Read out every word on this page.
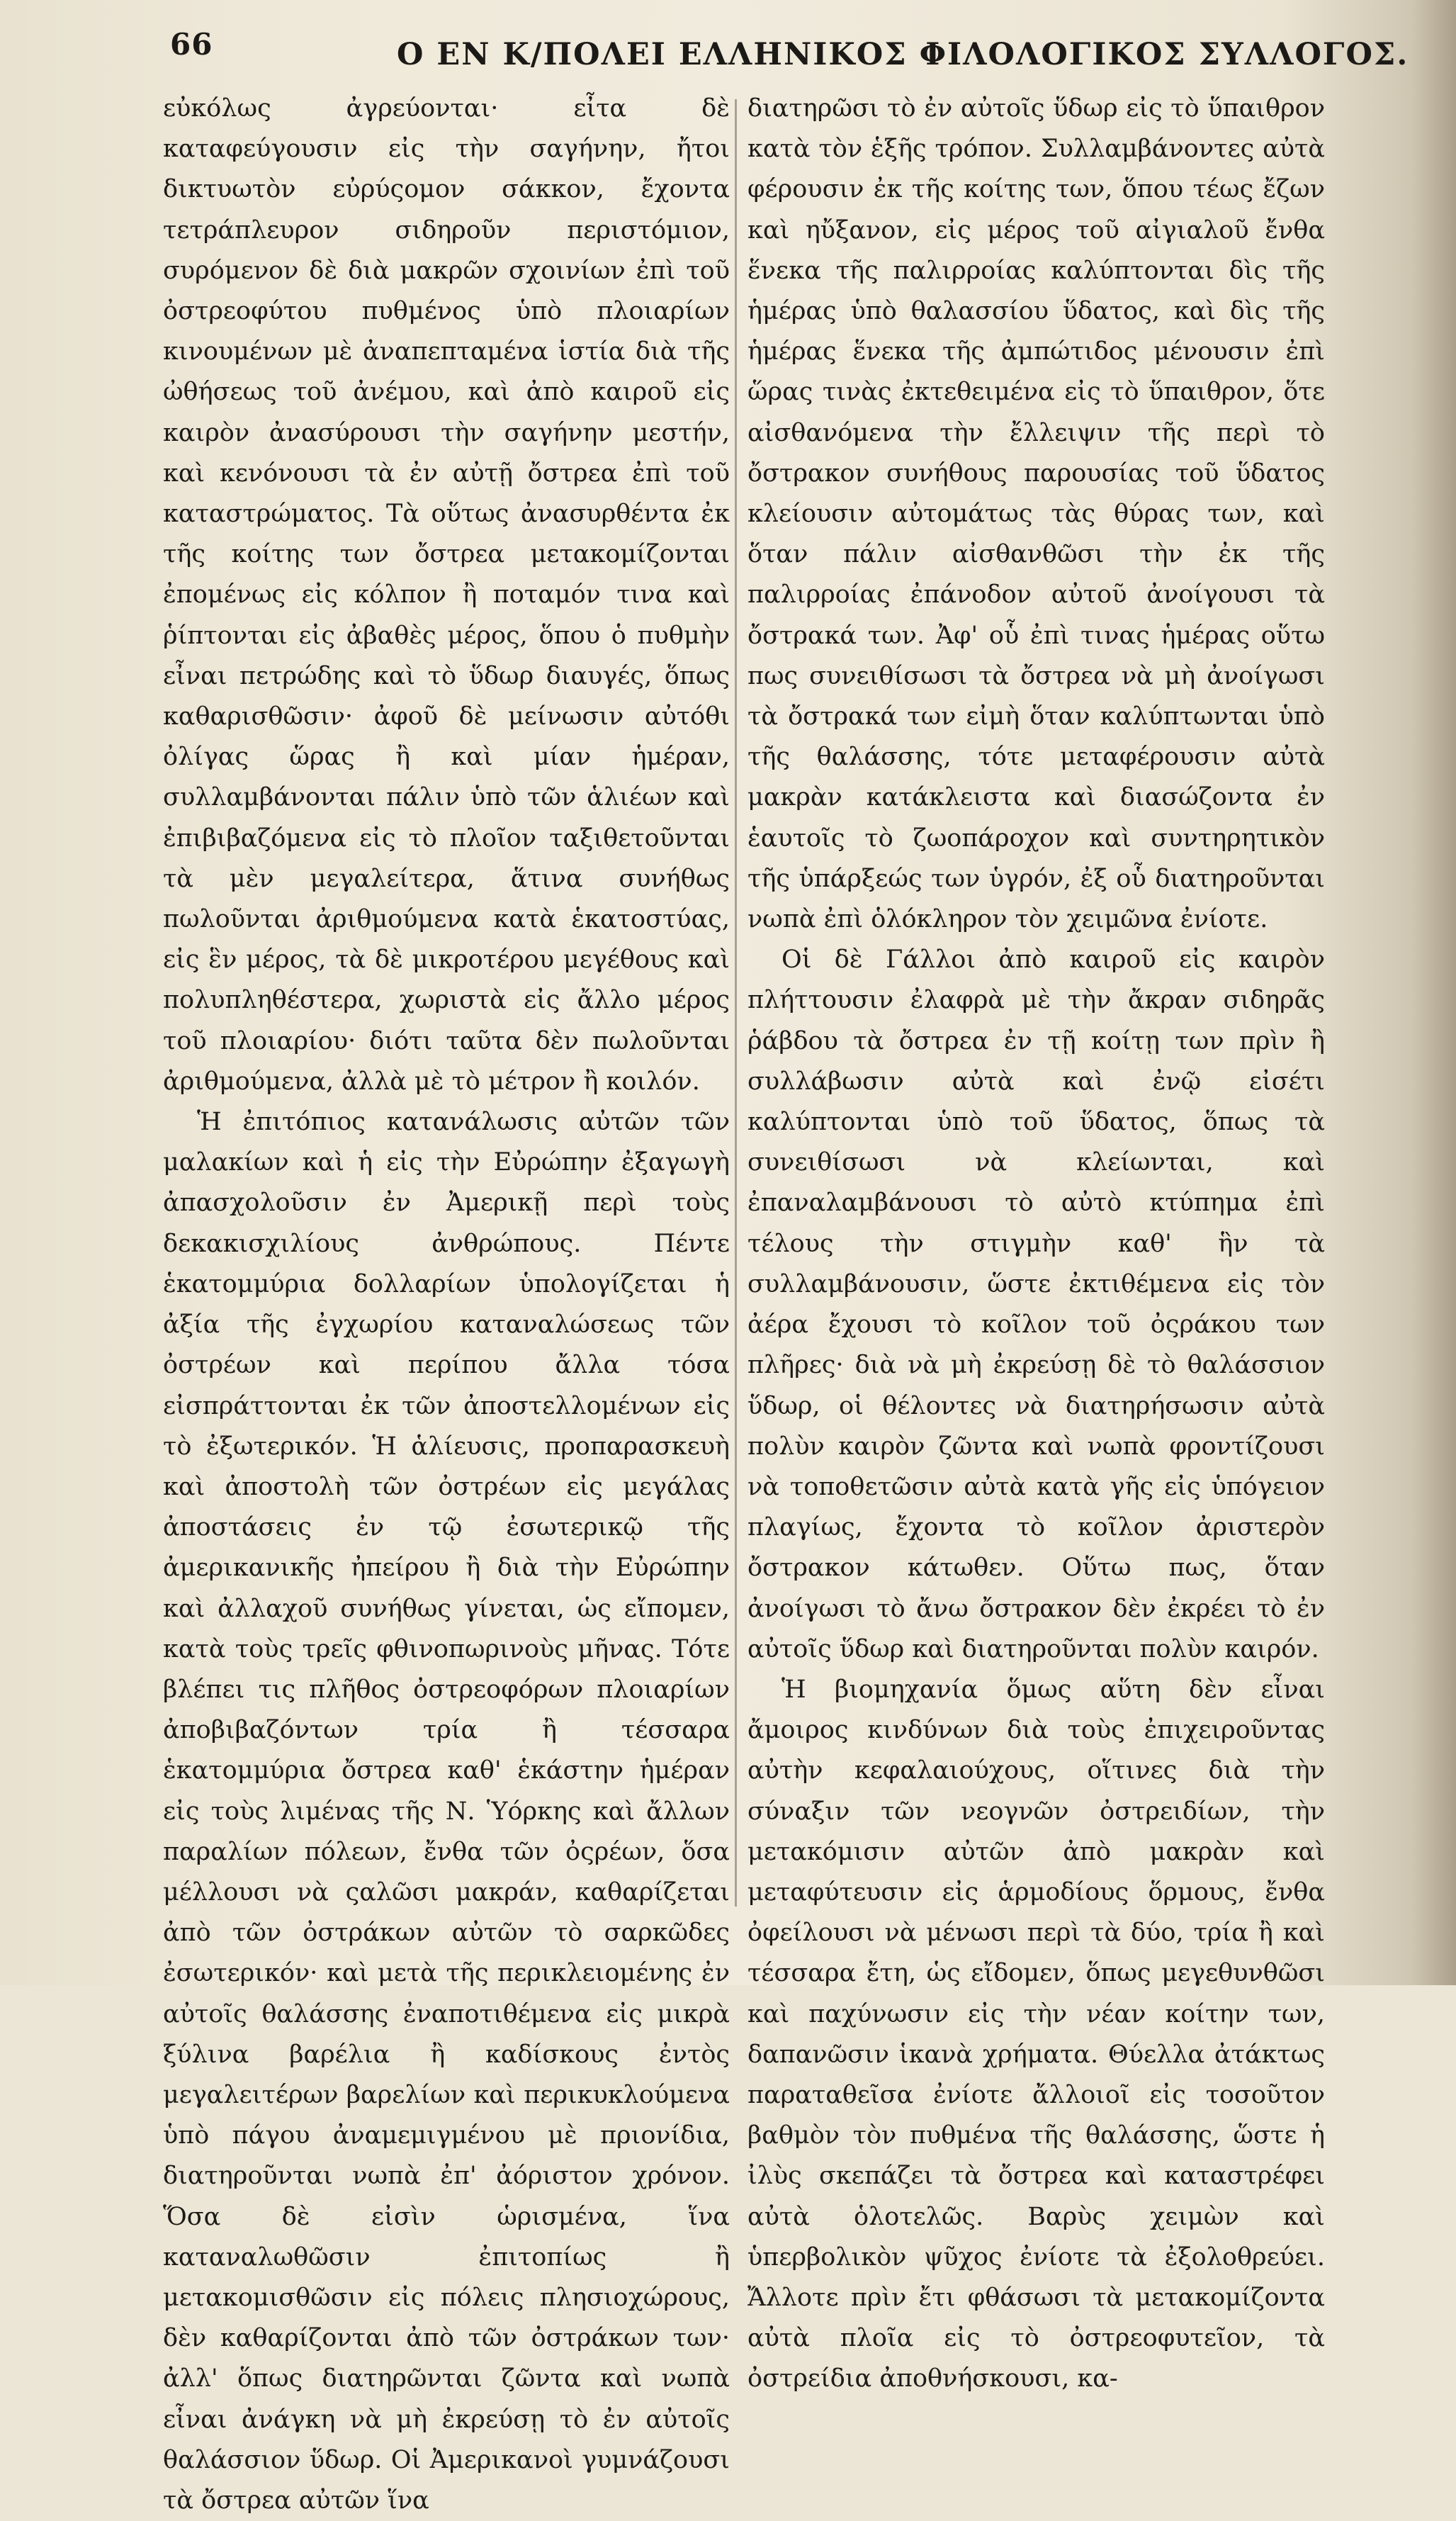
66	Ο ΕΝ Κ/ΠΟΛΕΙ ΕΛΛΗΝΙΚΟΣ ΦΙΛΟΛΟΓΙΚΟΣ ΣΥΛΛΟΓΟΣ.

εὐκόλως ἀγρεύονται· εἶτα δὲ καταφεύγουσιν εἰς τὴν σαγήνην, ἤτοι δικτυωτὸν εὐρύςομον σάκκον, ἔχοντα τετράπλευρον σιδηροῦν περιστόμιον, συρόμενον δὲ διὰ μακρῶν σχοινίων ἐπὶ τοῦ ὀστρεοφύτου πυθμένος ὑπὸ πλοιαρίων κινουμένων μὲ ἀναπεπταμένα ἱστία διὰ τῆς ὠθήσεως τοῦ ἀνέμου, καὶ ἀπὸ καιροῦ εἰς καιρὸν ἀνασύρουσι τὴν σαγήνην μεστήν, καὶ κενόνουσι τὰ ἐν αὐτῇ ὄστρεα ἐπὶ τοῦ καταστρώματος. Τὰ οὕτως ἀνασυρθέντα ἐκ τῆς κοίτης των ὄστρεα μετακομίζονται ἐπομένως εἰς κόλπον ἢ ποταμόν τινα καὶ ῥίπτονται εἰς ἀβαθὲς μέρος, ὅπου ὁ πυθμὴν εἶναι πετρώδης καὶ τὸ ὕδωρ διαυγές, ὅπως καθαρισθῶσιν· ἀφοῦ δὲ μείνωσιν αὐτόθι ὀλίγας ὥρας ἢ καὶ μίαν ἡμέραν, συλλαμβάνονται πάλιν ὑπὸ τῶν ἁλιέων καὶ ἐπιβιβαζόμενα εἰς τὸ πλοῖον ταξιθετοῦνται τὰ μὲν μεγαλείτερα, ἅτινα συνήθως πωλοῦνται ἀριθμούμενα κατὰ ἑκατοστύας, εἰς ἓν μέρος, τὰ δὲ μικροτέρου μεγέθους καὶ πολυπληθέστερα, χωριστὰ εἰς ἄλλο μέρος τοῦ πλοιαρίου· διότι ταῦτα δὲν πωλοῦνται ἀριθμούμενα, ἀλλὰ μὲ τὸ μέτρον ἢ κοιλόν.

Ἡ ἐπιτόπιος κατανάλωσις αὐτῶν τῶν μαλακίων καὶ ἡ εἰς τὴν Εὐρώπην ἐξαγωγὴ ἀπασχολοῦσιν ἐν Ἀμερικῇ περὶ τοὺς δεκακισχιλίους ἀνθρώπους. Πέντε ἑκατομμύρια δολλαρίων ὑπολογίζεται ἡ ἀξία τῆς ἐγχωρίου καταναλώσεως τῶν ὀστρέων καὶ περίπου ἄλλα τόσα εἰσπράττονται ἐκ τῶν ἀποστελλομένων εἰς τὸ ἐξωτερικόν. Ἡ ἁλίευσις, προπαρασκευὴ καὶ ἀποστολὴ τῶν ὀστρέων εἰς μεγάλας ἀποστάσεις ἐν τῷ ἐσωτερικῷ τῆς ἀμερικανικῆς ἠπείρου ἢ διὰ τὴν Εὐρώπην καὶ ἀλλαχοῦ συνήθως γίνεται, ὡς εἴπομεν, κατὰ τοὺς τρεῖς φθινοπωρινοὺς μῆνας. Τότε βλέπει τις πλῆθος ὀστρεοφόρων πλοιαρίων ἀποβιβαζόντων τρία ἢ τέσσαρα ἑκατομμύρια ὄστρεα καθ' ἑκάστην ἡμέραν εἰς τοὺς λιμένας τῆς Ν. Ὑόρκης καὶ ἄλλων παραλίων πόλεων, ἔνθα τῶν ὀςρέων, ὅσα μέλλουσι νὰ ςαλῶσι μακράν, καθαρίζεται ἀπὸ τῶν ὀστράκων αὐτῶν τὸ σαρκῶδες ἐσωτερικόν· καὶ μετὰ τῆς περικλειομένης ἐν αὐτοῖς θαλάσσης ἐναποτιθέμενα εἰς μικρὰ ξύλινα βαρέλια ἢ καδίσκους ἐντὸς μεγαλειτέρων βαρελίων καὶ περικυκλούμενα ὑπὸ πάγου ἀναμεμιγμένου μὲ πριονίδια, διατηροῦνται νωπὰ ἐπ' ἀόριστον χρόνον. Ὅσα δὲ εἰσὶν ὡρισμένα, ἵνα καταναλωθῶσιν ἐπιτοπίως ἢ μετακομισθῶσιν εἰς πόλεις πλησιοχώρους, δὲν καθαρίζονται ἀπὸ τῶν ὀστράκων των· ἀλλ' ὅπως διατηρῶνται ζῶντα καὶ νωπὰ εἶναι ἀνάγκη νὰ μὴ ἐκρεύσῃ τὸ ἐν αὐτοῖς θαλάσσιον ὕδωρ. Οἱ Ἀμερικανοὶ γυμνάζουσι τὰ ὄστρεα αὐτῶν ἵνα

διατηρῶσι τὸ ἐν αὐτοῖς ὕδωρ εἰς τὸ ὕπαιθρον κατὰ τὸν ἑξῆς τρόπον. Συλλαμβάνοντες αὐτὰ φέρουσιν ἐκ τῆς κοίτης των, ὅπου τέως ἔζων καὶ ηὔξανον, εἰς μέρος τοῦ αἰγιαλοῦ ἔνθα ἕνεκα τῆς παλιρροίας καλύπτονται δὶς τῆς ἡμέρας ὑπὸ θαλασσίου ὕδατος, καὶ δὶς τῆς ἡμέρας ἕνεκα τῆς ἀμπώτιδος μένουσιν ἐπὶ ὥρας τινὰς ἐκτεθειμένα εἰς τὸ ὕπαιθρον, ὅτε αἰσθανόμενα τὴν ἔλλειψιν τῆς περὶ τὸ ὄστρακον συνήθους παρουσίας τοῦ ὕδατος κλείουσιν αὐτομάτως τὰς θύρας των, καὶ ὅταν πάλιν αἰσθανθῶσι τὴν ἐκ τῆς παλιρροίας ἐπάνοδον αὐτοῦ ἀνοίγουσι τὰ ὄστρακά των. Ἀφ' οὗ ἐπὶ τινας ἡμέρας οὕτω πως συνειθίσωσι τὰ ὄστρεα νὰ μὴ ἀνοίγωσι τὰ ὄστρακά των εἰμὴ ὅταν καλύπτωνται ὑπὸ τῆς θαλάσσης, τότε μεταφέρουσιν αὐτὰ μακρὰν κατάκλειστα καὶ διασώζοντα ἐν ἑαυτοῖς τὸ ζωοπάροχον καὶ συντηρητικὸν τῆς ὑπάρξεώς των ὑγρόν, ἐξ οὗ διατηροῦνται νωπὰ ἐπὶ ὁλόκληρον τὸν χειμῶνα ἐνίοτε.

Οἱ δὲ Γάλλοι ἀπὸ καιροῦ εἰς καιρὸν πλήττουσιν ἐλαφρὰ μὲ τὴν ἄκραν σιδηρᾶς ῥάβδου τὰ ὄστρεα ἐν τῇ κοίτῃ των πρὶν ἢ συλλάβωσιν αὐτὰ καὶ ἐνῷ εἰσέτι καλύπτονται ὑπὸ τοῦ ὕδατος, ὅπως τὰ συνειθίσωσι νὰ κλείωνται, καὶ ἐπαναλαμβάνουσι τὸ αὐτὸ κτύπημα ἐπὶ τέλους τὴν στιγμὴν καθ' ἣν τὰ συλλαμβάνουσιν, ὥστε ἐκτιθέμενα εἰς τὸν ἀέρα ἔχουσι τὸ κοῖλον τοῦ ὀςράκου των πλῆρες· διὰ νὰ μὴ ἐκρεύσῃ δὲ τὸ θαλάσσιον ὕδωρ, οἱ θέλοντες νὰ διατηρήσωσιν αὐτὰ πολὺν καιρὸν ζῶντα καὶ νωπὰ φροντίζουσι νὰ τοποθετῶσιν αὐτὰ κατὰ γῆς εἰς ὑπόγειον πλαγίως, ἔχοντα τὸ κοῖλον ἀριστερὸν ὄστρακον κάτωθεν. Οὕτω πως, ὅταν ἀνοίγωσι τὸ ἄνω ὄστρακον δὲν ἐκρέει τὸ ἐν αὐτοῖς ὕδωρ καὶ διατηροῦνται πολὺν καιρόν.

Ἡ βιομηχανία ὅμως αὕτη δὲν εἶναι ἄμοιρος κινδύνων διὰ τοὺς ἐπιχειροῦντας αὐτὴν κεφαλαιούχους, οἵτινες διὰ τὴν σύναξιν τῶν νεογνῶν ὀστρειδίων, τὴν μετακόμισιν αὐτῶν ἀπὸ μακρὰν καὶ μεταφύτευσιν εἰς ἁρμοδίους ὅρμους, ἔνθα ὀφείλουσι νὰ μένωσι περὶ τὰ δύο, τρία ἢ καὶ τέσσαρα ἔτη, ὡς εἴδομεν, ὅπως μεγεθυνθῶσι καὶ παχύνωσιν εἰς τὴν νέαν κοίτην των, δαπανῶσιν ἱκανὰ χρήματα. Θύελλα ἀτάκτως παραταθεῖσα ἐνίοτε ἄλλοιοῖ εἰς τοσοῦτον βαθμὸν τὸν πυθμένα τῆς θαλάσσης, ὥστε ἡ ἰλὺς σκεπάζει τὰ ὄστρεα καὶ καταστρέφει αὐτὰ ὁλοτελῶς. Βαρὺς χειμὼν καὶ ὑπερβολικὸν ψῦχος ἐνίοτε τὰ ἐξολοθρεύει. Ἄλλοτε πρὶν ἔτι φθάσωσι τὰ μετακομίζοντα αὐτὰ πλοῖα εἰς τὸ ὀστρεοφυτεῖον, τὰ ὀστρείδια ἀποθνήσκουσι, κα-
